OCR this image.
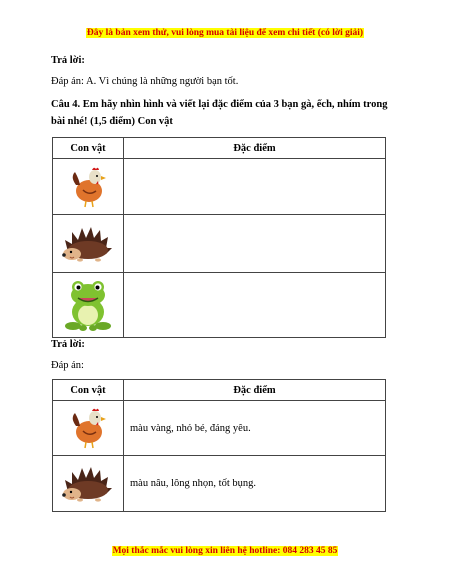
Đây là bản xem thử, vui lòng mua tài liệu để xem chi tiết (có lời giải)
Trả lời:
Đáp án: A. Vì chúng là những người bạn tốt.
Câu 4. Em hãy nhìn hình và viết lại đặc điểm của 3 bạn gà, ếch, nhím trong bài nhé! (1,5 điểm) Con vật
Con vật	Đặc điểm

Trả lời:
Đáp án:
Con vật	Đặc điểm

	màu vàng, nhỏ bé, đáng yêu.

	màu nâu, lông nhọn, tốt bụng.
Mọi thắc mắc vui lòng xin liên hệ hotline: 084 283 45 85
